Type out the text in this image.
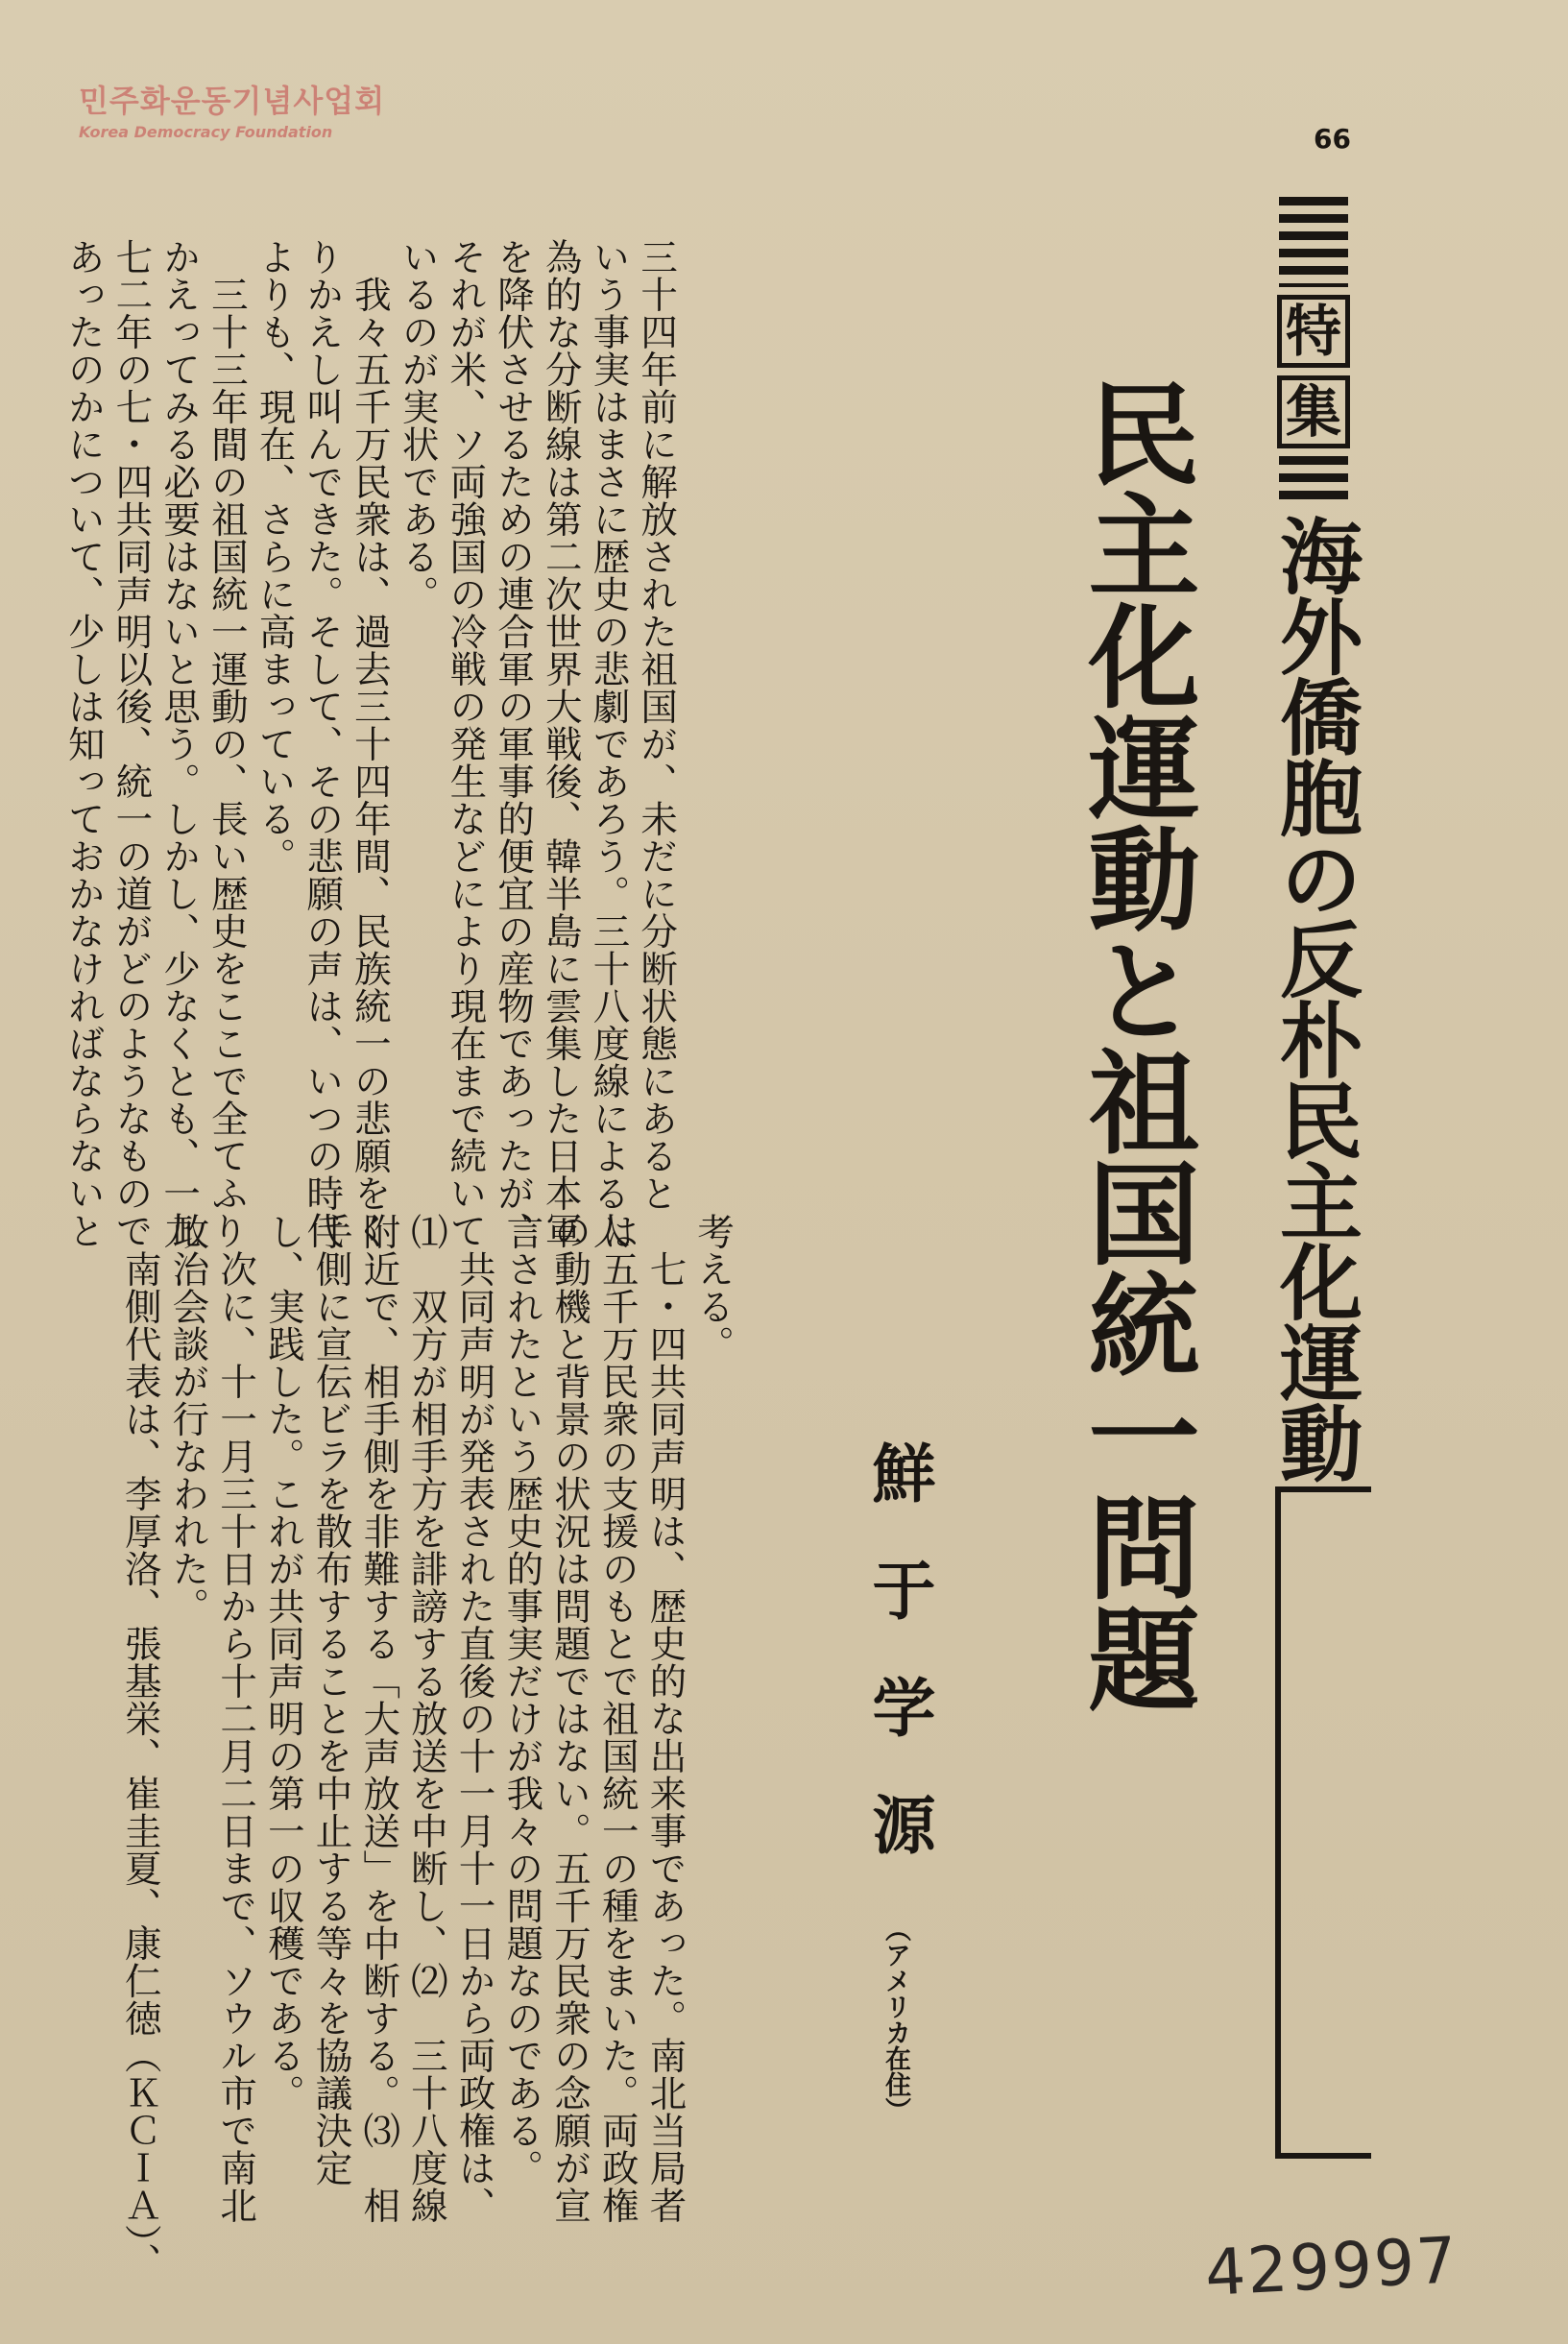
민주화운동기념사업회
Korea Democracy Foundation	66
特
集
海外僑胞の反朴民主化運動
民主化運動と祖国統一問題
鮮于学源
（アメリカ在住）
三十四年前に解放された祖国が、未だに分断状態にあると
いう事実はまさに歴史の悲劇であろう。三十八度線による人
為的な分断線は第二次世界大戦後、韓半島に雲集した日本軍
を降伏させるための連合軍の軍事的便宜の産物であったが、
それが米、ソ両強国の冷戦の発生などにより現在まで続いて
いるのが実状である。
　我々五千万民衆は、過去三十四年間、民族統一の悲願をく
りかえし叫んできた。そして、その悲願の声は、いつの時代
よりも、現在、さらに高まっている。
　三十三年間の祖国統一運動の、長い歴史をここで全てふり
かえってみる必要はないと思う。しかし、少なくとも、一九
七二年の七・四共同声明以後、統一の道がどのようなもので
あったのかについて、少しは知っておかなければならないと
考える。
　七・四共同声明は、歴史的な出来事であった。南北当局者
は五千万民衆の支援のもとで祖国統一の種をまいた。両政権
の動機と背景の状況は問題ではない。五千万民衆の念願が宣
言されたという歴史的事実だけが我々の問題なのである。
　共同声明が発表された直後の十一月十一日から両政権は、
⑴　双方が相手方を誹謗する放送を中断し、⑵　三十八度線
附近で、相手側を非難する「大声放送」を中断する。⑶　相
手側に宣伝ビラを散布することを中止する等々を協議決定
し、実践した。これが共同声明の第一の収穫である。
　次に、十一月三十日から十二月二日まで、ソウル市で南北
政治会談が行なわれた。
　南側代表は、李厚洛、張基栄、崔圭夏、康仁徳（ＫＣＩＡ）、	429997
